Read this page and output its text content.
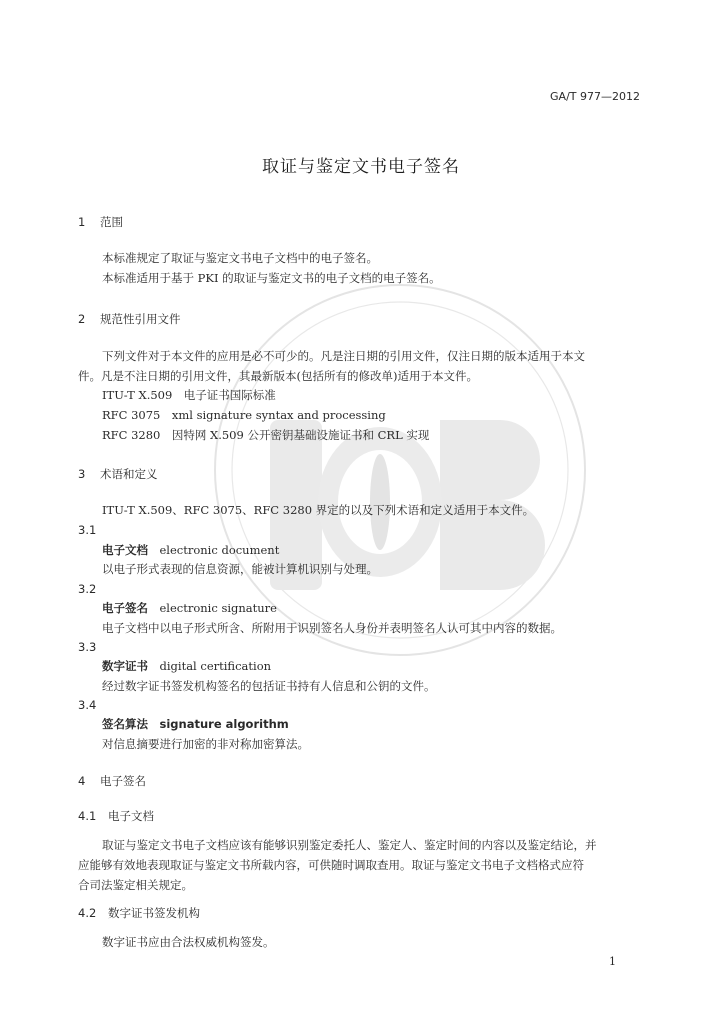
GA/T 977—2012
取证与鉴定文书电子签名
1 范围
本标准规定了取证与鉴定文书电子文档中的电子签名。
本标准适用于基于 PKI 的取证与鉴定文书的电子文档的电子签名。
2 规范性引用文件
下列文件对于本文件的应用是必不可少的。凡是注日期的引用文件，仅注日期的版本适用于本文
件。凡是不注日期的引用文件，其最新版本(包括所有的修改单)适用于本文件。
ITU-T X.509　电子证书国际标准
RFC 3075　xml signature syntax and processing
RFC 3280　因特网 X.509 公开密钥基础设施证书和 CRL 实现
3 术语和定义
ITU-T X.509、RFC 3075、RFC 3280 界定的以及下列术语和定义适用于本文件。
3.1
电子文档　 electronic document
以电子形式表现的信息资源，能被计算机识别与处理。
3.2
电子签名　 electronic signature
电子文档中以电子形式所含、所附用于识别签名人身份并表明签名人认可其中内容的数据。
3.3
数字证书　 digital certification
经过数字证书签发机构签名的包括证书持有人信息和公钥的文件。
3.4
签名算法　 signature algorithm
对信息摘要进行加密的非对称加密算法。
4 电子签名
4.1 电子文档
取证与鉴定文书电子文档应该有能够识别鉴定委托人、鉴定人、鉴定时间的内容以及鉴定结论，并
应能够有效地表现取证与鉴定文书所载内容，可供随时调取查用。取证与鉴定文书电子文档格式应符
合司法鉴定相关规定。
4.2 数字证书签发机构
数字证书应由合法权威机构签发。
1
